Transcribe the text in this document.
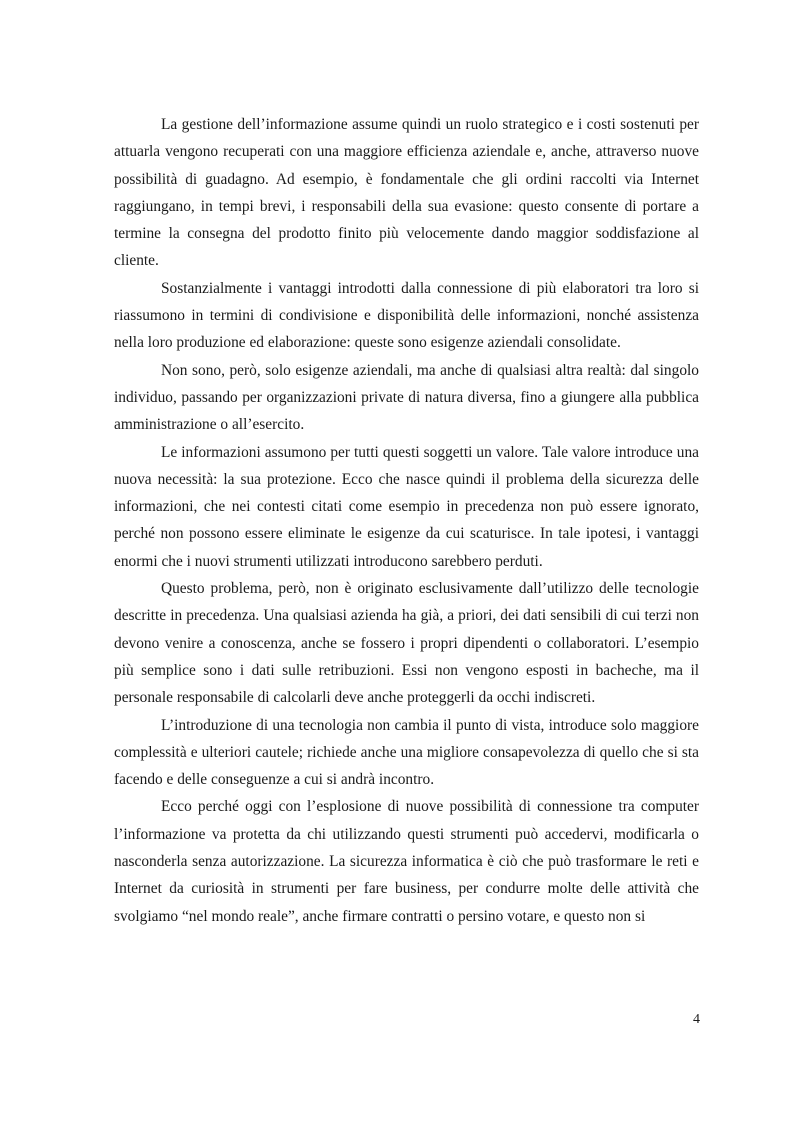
La gestione dell’informazione assume quindi un ruolo strategico e i costi sostenuti per attuarla vengono recuperati con una maggiore efficienza aziendale e, anche, attraverso nuove possibilità di guadagno. Ad esempio, è fondamentale che gli ordini raccolti via Internet raggiungano, in tempi brevi, i responsabili della sua evasione: questo consente di portare a termine la consegna del prodotto finito più velocemente dando maggior soddisfazione al cliente.

Sostanzialmente i vantaggi introdotti dalla connessione di più elaboratori tra loro si riassumono in termini di condivisione e disponibilità delle informazioni, nonché assistenza nella loro produzione ed elaborazione: queste sono esigenze aziendali consolidate.

Non sono, però, solo esigenze aziendali, ma anche di qualsiasi altra realtà: dal singolo individuo, passando per organizzazioni private di natura diversa, fino a giungere alla pubblica amministrazione o all’esercito.

Le informazioni assumono per tutti questi soggetti un valore. Tale valore introduce una nuova necessità: la sua protezione. Ecco che nasce quindi il problema della sicurezza delle informazioni, che nei contesti citati come esempio in precedenza non può essere ignorato, perché non possono essere eliminate le esigenze da cui scaturisce. In tale ipotesi, i vantaggi enormi che i nuovi strumenti utilizzati introducono sarebbero perduti.

Questo problema, però, non è originato esclusivamente dall’utilizzo delle tecnologie descritte in precedenza. Una qualsiasi azienda ha già, a priori, dei dati sensibili di cui terzi non devono venire a conoscenza, anche se fossero i propri dipendenti o collaboratori. L’esempio più semplice sono i dati sulle retribuzioni. Essi non vengono esposti in bacheche, ma il personale responsabile di calcolarli deve anche proteggerli da occhi indiscreti.

L’introduzione di una tecnologia non cambia il punto di vista, introduce solo maggiore complessità e ulteriori cautele; richiede anche una migliore consapevolezza di quello che si sta facendo e delle conseguenze a cui si andrà incontro.

Ecco perché oggi con l’esplosione di nuove possibilità di connessione tra computer l’informazione va protetta da chi utilizzando questi strumenti può accedervi, modificarla o nasconderla senza autorizzazione. La sicurezza informatica è ciò che può trasformare le reti e Internet da curiosità in strumenti per fare business, per condurre molte delle attività che svolgiamo “nel mondo reale”, anche firmare contratti o persino votare, e questo non si

4
